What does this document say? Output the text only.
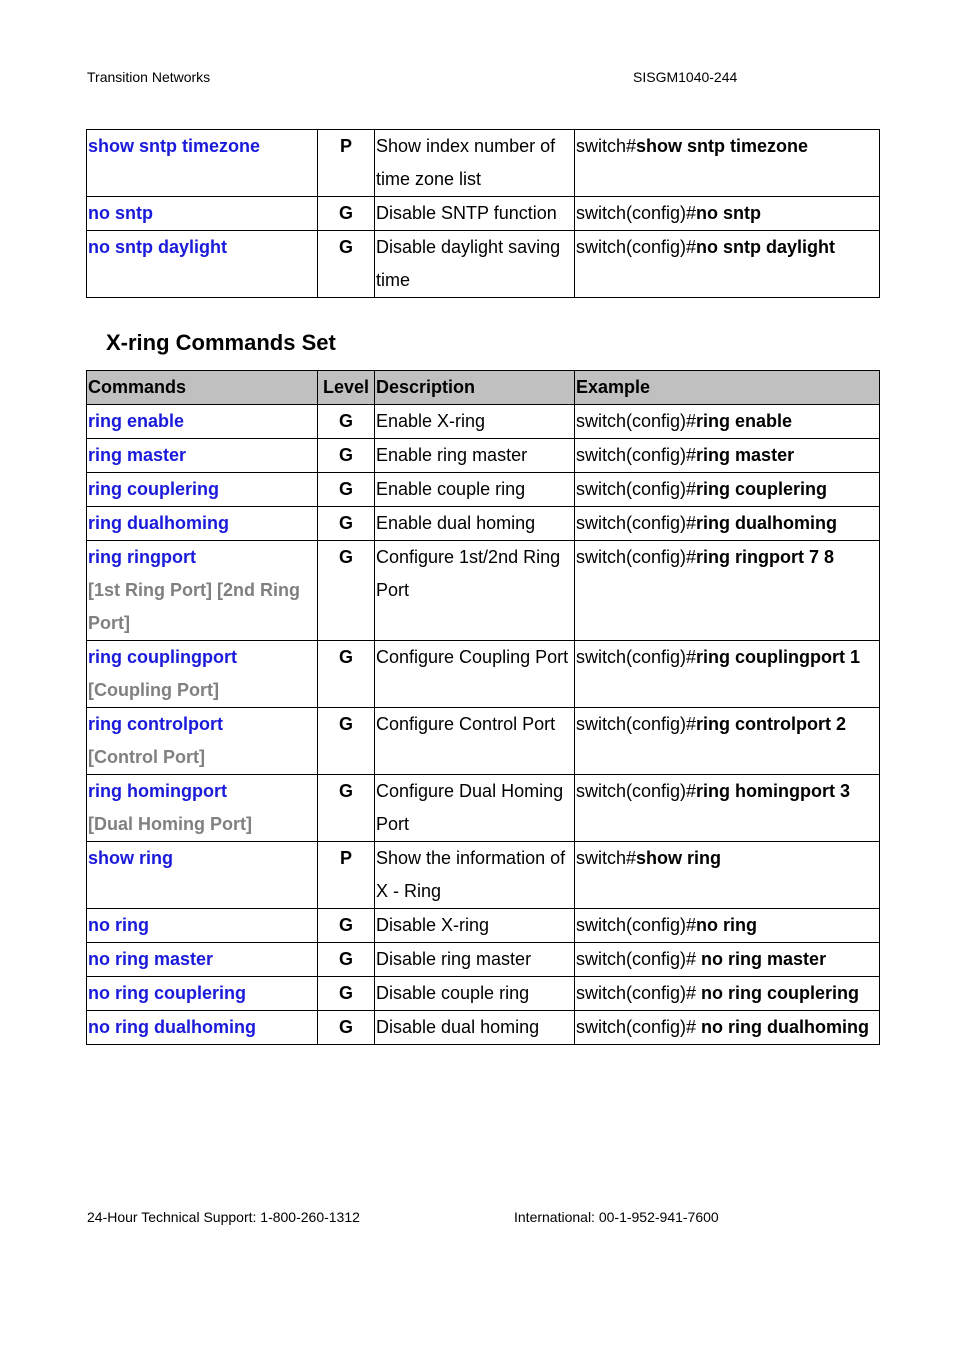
Transition Networks	SISGM1040-244
show sntp timezone	P	Show index number of time zone list	switch#show sntp timezone

no sntp	G	Disable SNTP function	switch(config)#no sntp

no sntp daylight	G	Disable daylight saving time	switch(config)#no sntp daylight
X-ring Commands Set
Commands	Level	Description	Example

ring enable	G	Enable X-ring	switch(config)#ring enable

ring master	G	Enable ring master	switch(config)#ring master

ring couplering	G	Enable couple ring	switch(config)#ring couplering

ring dualhoming	G	Enable dual homing	switch(config)#ring dualhoming

ring ringport
[1st Ring Port] [2nd Ring Port]	G	Configure 1st/2nd Ring Port	switch(config)#ring ringport 7 8

ring couplingport
[Coupling Port]	G	Configure Coupling Port	switch(config)#ring couplingport 1

ring controlport
[Control Port]	G	Configure Control Port	switch(config)#ring controlport 2

ring homingport
[Dual Homing Port]	G	Configure Dual Homing Port	switch(config)#ring homingport 3

show ring	P	Show the information of X - Ring	switch#show ring

no ring	G	Disable X-ring	switch(config)#no ring

no ring master	G	Disable ring master	switch(config)# no ring master

no ring couplering	G	Disable couple ring	switch(config)# no ring couplering

no ring dualhoming	G	Disable dual homing	switch(config)# no ring dualhoming
24-Hour Technical Support: 1-800-260-1312	International: 00-1-952-941-7600
